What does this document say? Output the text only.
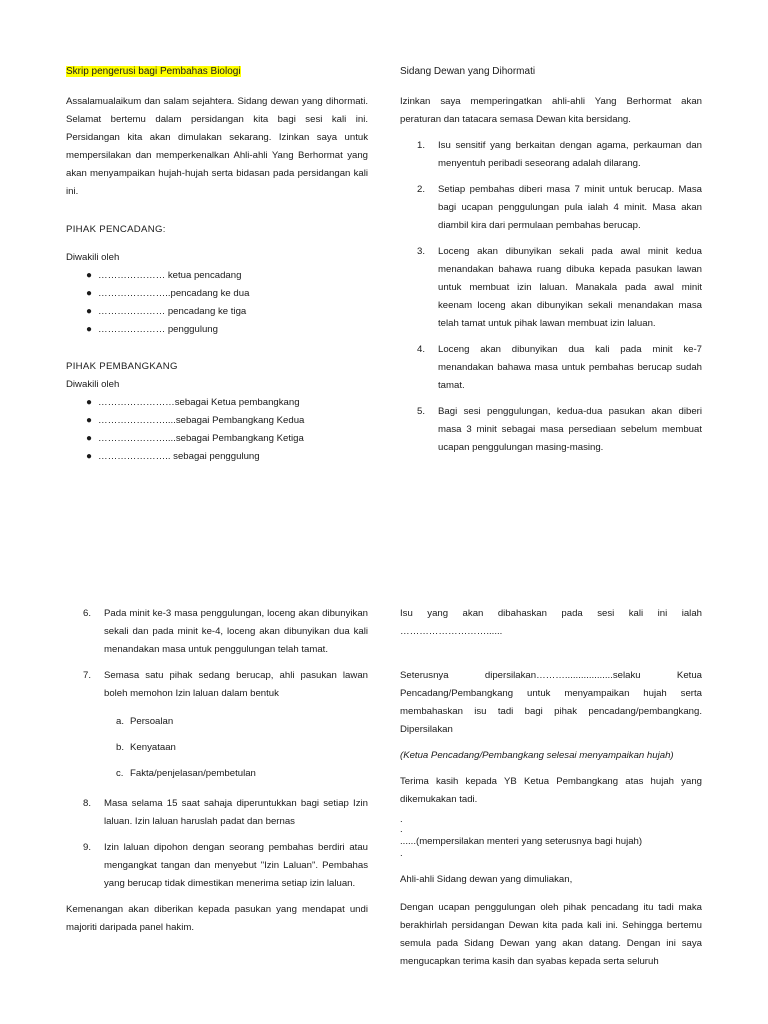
Skrip pengerusi bagi Pembahas Biologi

Assalamualaikum dan salam sejahtera. Sidang dewan yang dihormati. Selamat bertemu dalam persidangan kita bagi sesi kali ini. Persidangan kita akan dimulakan sekarang. Izinkan saya untuk mempersilakan dan memperkenalkan Ahli-ahli Yang Berhormat yang akan menyampaikan hujah-hujah serta bidasan pada persidangan kali ini.

PIHAK PENCADANG:
Diwakili oleh
● ………………… ketua pencadang
● …………………..pencadang ke dua
● ………………… pencadang ke tiga
● ………………… penggulung
PIHAK PEMBANGKANG
Diwakili oleh
● ……………………sebagai Ketua pembangkang
● …………………....sebagai Pembangkang Kedua
● …………………....sebagai Pembangkang Ketiga
● ………………….. sebagai penggulung
Sidang Dewan yang Dihormati

Izinkan saya memperingatkan ahli-ahli Yang Berhormat akan peraturan dan tatacara semasa Dewan kita bersidang.

1. Isu sensitif yang berkaitan dengan agama, perkauman dan menyentuh peribadi seseorang adalah dilarang.
2. Setiap pembahas diberi masa 7 minit untuk berucap. Masa bagi ucapan penggulungan pula ialah 4 minit. Masa akan diambil kira dari permulaan pembahas berucap.
3. Loceng akan dibunyikan sekali pada awal minit kedua menandakan bahawa ruang dibuka kepada pasukan lawan untuk membuat izin laluan. Manakala pada awal minit keenam loceng akan dibunyikan sekali menandakan masa telah tamat untuk pihak lawan membuat izin laluan.
4. Loceng akan dibunyikan dua kali pada minit ke-7 menandakan bahawa masa untuk pembahas berucap sudah tamat.
5. Bagi sesi penggulungan, kedua-dua pasukan akan diberi masa 3 minit sebagai masa persediaan sebelum membuat ucapan penggulungan masing-masing.
6. Pada minit ke-3 masa penggulungan, loceng akan dibunyikan sekali dan pada minit ke-4, loceng akan dibunyikan dua kali menandakan masa untuk penggulungan telah tamat.
7. Semasa satu pihak sedang berucap, ahli pasukan lawan boleh memohon Izin laluan dalam bentuk
a. Persoalan
b. Kenyataan
c. Fakta/penjelasan/pembetulan
8. Masa selama 15 saat sahaja diperuntukkan bagi setiap Izin laluan. Izin laluan haruslah padat dan bernas
9. Izin laluan dipohon dengan seorang pembahas berdiri atau mengangkat tangan dan menyebut "Izin Laluan". Pembahas yang berucap tidak dimestikan menerima setiap izin laluan.

Kemenangan akan diberikan kepada pasukan yang mendapat undi majoriti daripada panel hakim.

Isu yang akan dibahaskan pada sesi kali ini ialah ………………………......

Seterusnya dipersilakan………..................selaku Ketua Pencadang/Pembangkang untuk menyampaikan hujah serta membahaskan isu tadi bagi pihak pencadang/pembangkang. Dipersilakan

(Ketua Pencadang/Pembangkang selesai menyampaikan hujah)

Terima kasih kepada YB Ketua Pembangkang atas hujah yang dikemukakan tadi.

.
.
......(mempersilakan menteri yang seterusnya bagi hujah)
.
Ahli-ahli Sidang dewan yang dimuliakan,

Dengan ucapan penggulungan oleh pihak pencadang itu tadi maka berakhirlah persidangan Dewan kita pada kali ini. Sehingga bertemu semula pada Sidang Dewan yang akan datang. Dengan ini saya mengucapkan terima kasih dan syabas kepada serta seluruh
